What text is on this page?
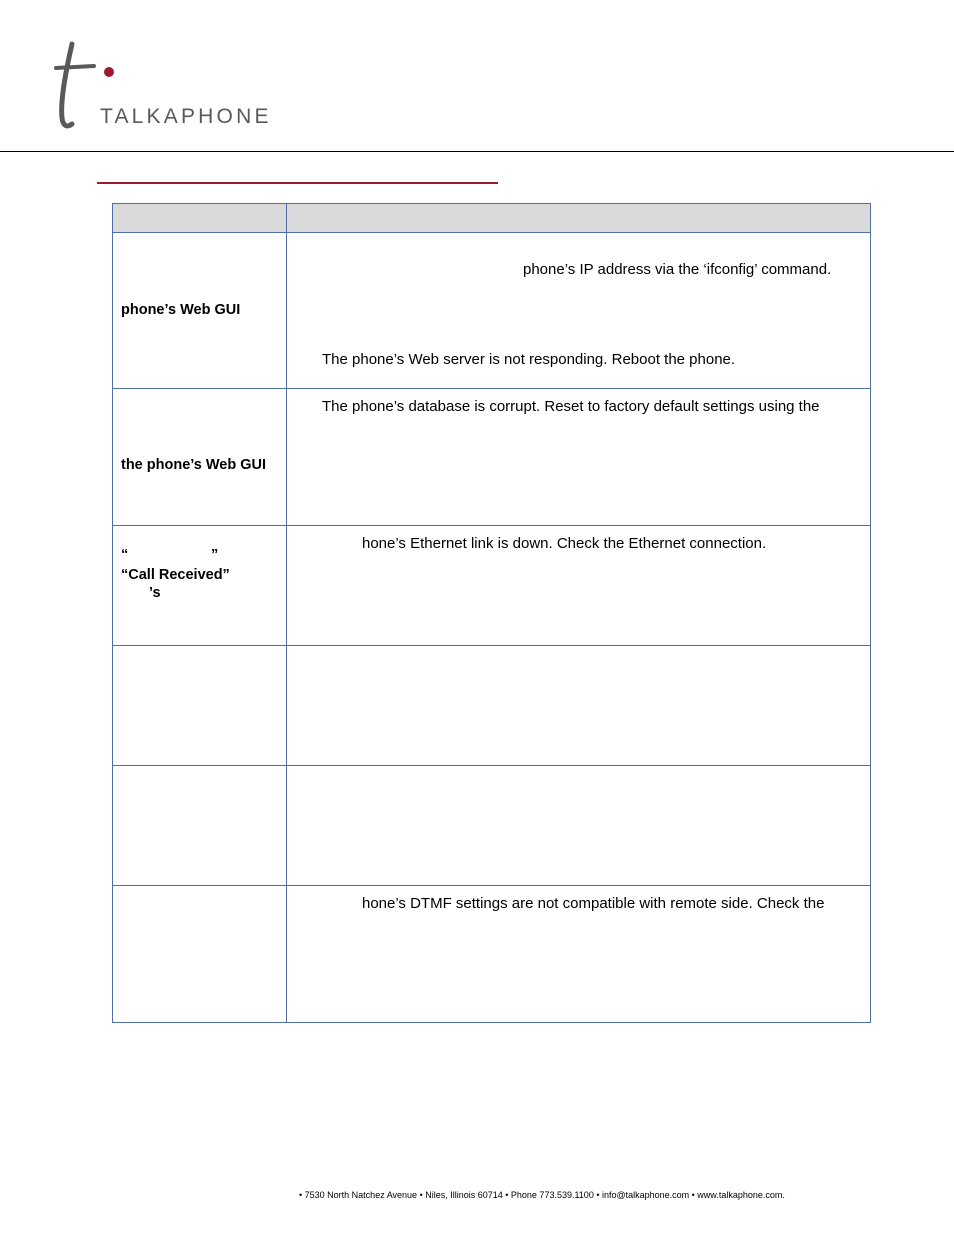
TALKAPHONE

phone’s Web GUI	phone’s IP address via the ‘ifconfig’ command.
The phone’s Web server is not responding. Reboot the phone.

the phone’s Web GUI	The phone’s database is corrupt. Reset to factory default settings using the

“ ”
“Call Received”
’s	hone’s Ethernet link is down. Check the Ethernet connection.

	hone’s DTMF settings are not compatible with remote side. Check the
• 7530 North Natchez Avenue • Niles, Illinois 60714 • Phone 773.539.1100 • info@talkaphone.com • www.talkaphone.com.
